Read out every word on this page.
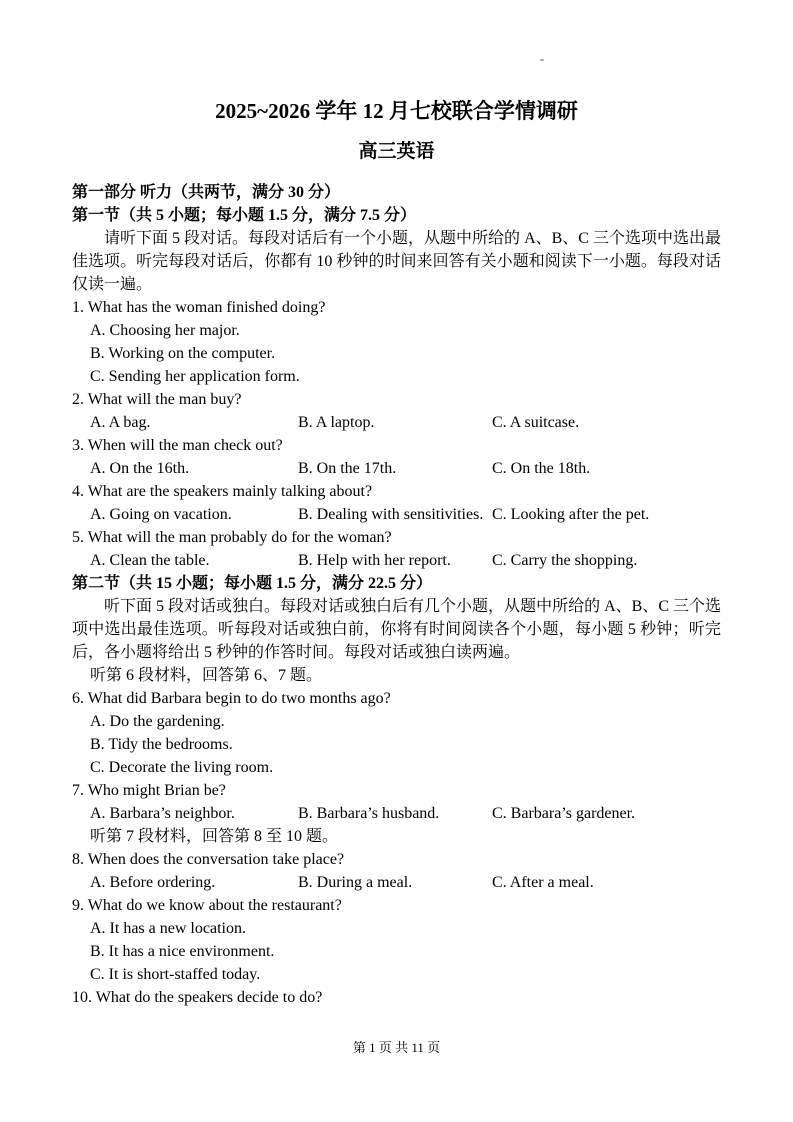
2025~2026 学年 12 月七校联合学情调研
高三英语
第一部分 听力（共两节，满分 30 分）
第一节（共 5 小题；每小题 1.5 分，满分 7.5 分）
请听下面 5 段对话。每段对话后有一个小题，从题中所给的 A、B、C 三个选项中选出最佳选项。听完每段对话后，你都有 10 秒钟的时间来回答有关小题和阅读下一小题。每段对话仅读一遍。
1. What has the woman finished doing?
A. Choosing her major.
B. Working on the computer.
C. Sending her application form.
2. What will the man buy?
A. A bag.	B. A laptop.	C. A suitcase.
3. When will the man check out?
A. On the 16th.	B. On the 17th.	C. On the 18th.
4. What are the speakers mainly talking about?
A. Going on vacation.	B. Dealing with sensitivities. C. Looking after the pet.
5. What will the man probably do for the woman?
A. Clean the table.	B. Help with her report.	C. Carry the shopping.
第二节（共 15 小题；每小题 1.5 分，满分 22.5 分）
听下面 5 段对话或独白。每段对话或独白后有几个小题，从题中所给的 A、B、C 三个选项中选出最佳选项。听每段对话或独白前，你将有时间阅读各个小题，每小题 5 秒钟；听完后，各小题将给出 5 秒钟的作答时间。每段对话或独白读两遍。
听第 6 段材料，回答第 6、7 题。
6. What did Barbara begin to do two months ago?
A. Do the gardening.
B. Tidy the bedrooms.
C. Decorate the living room.
7. Who might Brian be?
A. Barbara’s neighbor.	B. Barbara’s husband.	C. Barbara’s gardener.
听第 7 段材料，回答第 8 至 10 题。
8. When does the conversation take place?
A. Before ordering.	B. During a meal.	C. After a meal.
9. What do we know about the restaurant?
A. It has a new location.
B. It has a nice environment.
C. It is short-staffed today.
10. What do the speakers decide to do?
第 1 页 共 11 页
